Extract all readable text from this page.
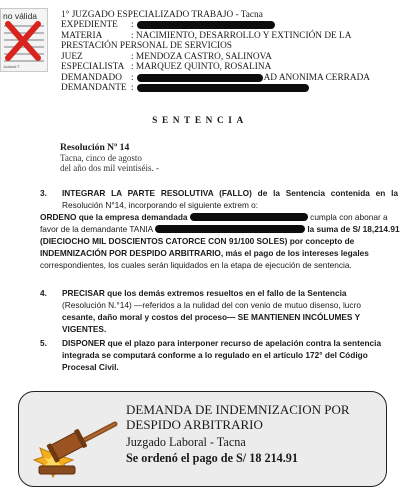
no válida
Judicial T
1° JUZGADO ESPECIALIZADO TRABAJO - Tacna
EXPEDIENTE	:
MATERIA	:
NACIMIENTO, DESARROLLO Y EXTINCIÓN DE LA
PRESTACIÓN PERSONAL DE SERVICIOS
JUEZ	:
MENDOZA CASTRO, SALINOVA
ESPECIALISTA :
MARQUEZ QUINTO, ROSALINA
DEMANDADO :	AD ANONIMA CERRADA
DEMANDANTE :
SENTENCIA
Resolución Nº 14
Tacna, cinco de agosto
del año dos mil veintiséis. -
3. INTEGRAR LA PARTE RESOLUTIVA (FALLO) de la Sentencia contenida en la
Resolución N°14, incorporando el siguiente extrem o:
ORDENO que la empresa demandada	cumpla con abonar a
favor de la demandante TANIA	la suma de S/ 18,214.91
(DIECIOCHO MIL DOSCIENTOS CATORCE CON 91/100 SOLES) por concepto de
INDEMNIZACIÓN POR DESPIDO ARBITRARIO, más el pago de los intereses legales
correspondientes, los cuales serán liquidados en la etapa de ejecución de sentencia.
4. PRECISAR que los demás extremos resueltos en el fallo de la Sentencia
(Resolución N.°14) —referidos a la nulidad del con venio de mutuo disenso, lucro
cesante, daño moral y costos del proceso— SE MANTIENEN INCÓLUMES Y
VIGENTES.
5. DISPONER que el plazo para interponer recurso de apelación contra la sentencia
integrada se computará conforme a lo regulado en el artículo 172° del Código
Procesal Civil.
DEMANDA DE INDEMNIZACION POR
DESPIDO ARBITRARIO
Juzgado Laboral - Tacna
Se ordenó el pago de S/ 18 214.91
